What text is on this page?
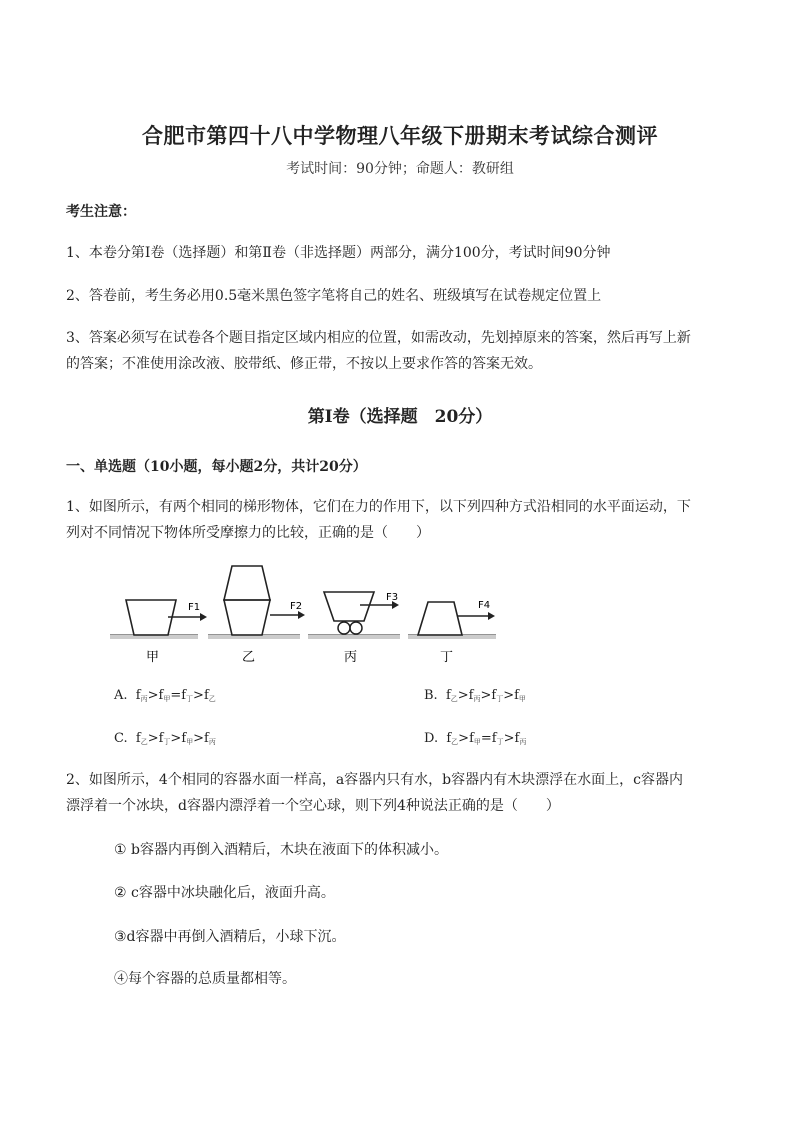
合肥市第四十八中学物理八年级下册期末考试综合测评
考试时间：90分钟；命题人：教研组
考生注意：
1、本卷分第I卷（选择题）和第Ⅱ卷（非选择题）两部分，满分100分，考试时间90分钟
2、答卷前，考生务必用0.5毫米黑色签字笔将自己的姓名、班级填写在试卷规定位置上
3、答案必须写在试卷各个题目指定区域内相应的位置，如需改动，先划掉原来的答案，然后再写上新
的答案；不准使用涂改液、胶带纸、修正带，不按以上要求作答的答案无效。
第I卷（选择题　20分）
一、单选题（10小题，每小题2分，共计20分）
1、如图所示，有两个相同的梯形物体，它们在力的作用下，以下列四种方式沿相同的水平面运动，下
列对不同情况下物体所受摩擦力的比较，正确的是（　　）
F1	F2
F3
F4
甲	乙	丙	丁
A. $f_丙>f_甲=f_丁>f_乙$	B. $f_乙>f_丙>f_丁>f_甲$
C. $f_乙>f_丁>f_甲>f_丙$	D. $f_乙>f_甲=f_丁>f_丙$
2、如图所示，4个相同的容器水面一样高，a容器内只有水，b容器内有木块漂浮在水面上，c容器内
漂浮着一个冰块，d容器内漂浮着一个空心球，则下列4种说法正确的是（　　）
① b容器内再倒入酒精后，木块在液面下的体积减小。
② c容器中冰块融化后，液面升高。
③d容器中再倒入酒精后，小球下沉。
④每个容器的总质量都相等。
